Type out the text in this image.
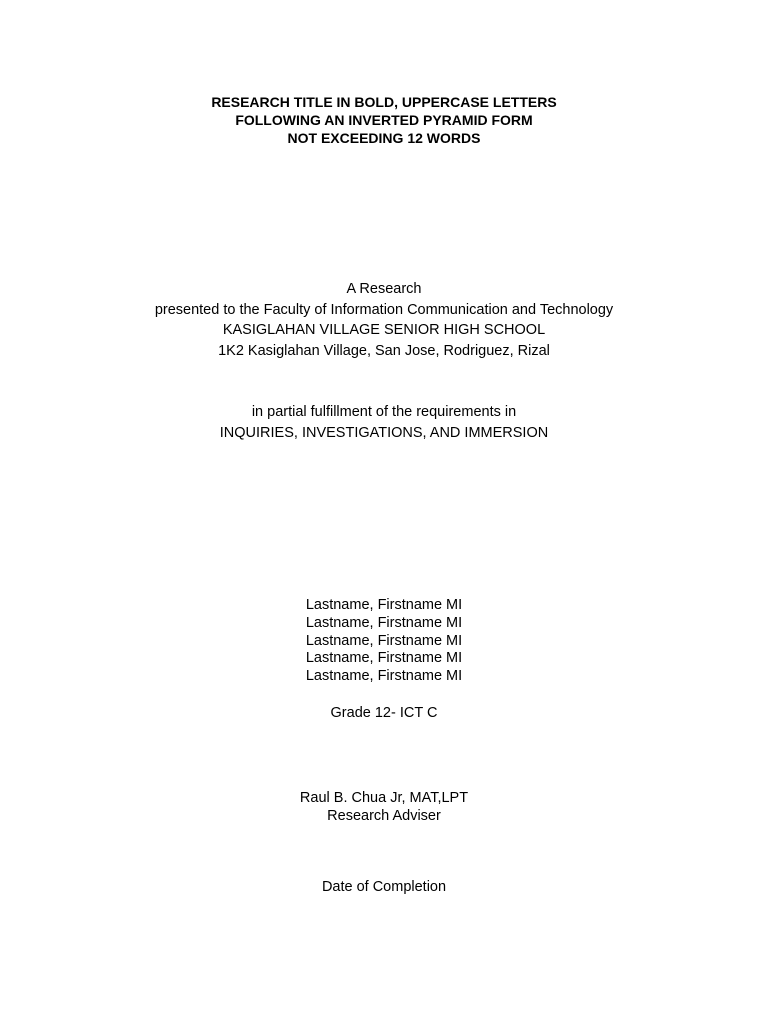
RESEARCH TITLE IN BOLD, UPPERCASE LETTERS
FOLLOWING AN INVERTED PYRAMID FORM
NOT EXCEEDING 12 WORDS
A Research
presented to the Faculty of Information Communication and Technology
KASIGLAHAN VILLAGE SENIOR HIGH SCHOOL
1K2 Kasiglahan Village, San Jose, Rodriguez, Rizal
in partial fulfillment of the requirements in
INQUIRIES, INVESTIGATIONS, AND IMMERSION
Lastname, Firstname MI
Lastname, Firstname MI
Lastname, Firstname MI
Lastname, Firstname MI
Lastname, Firstname MI
Grade 12- ICT C
Raul B. Chua Jr, MAT,LPT
Research Adviser
Date of Completion
